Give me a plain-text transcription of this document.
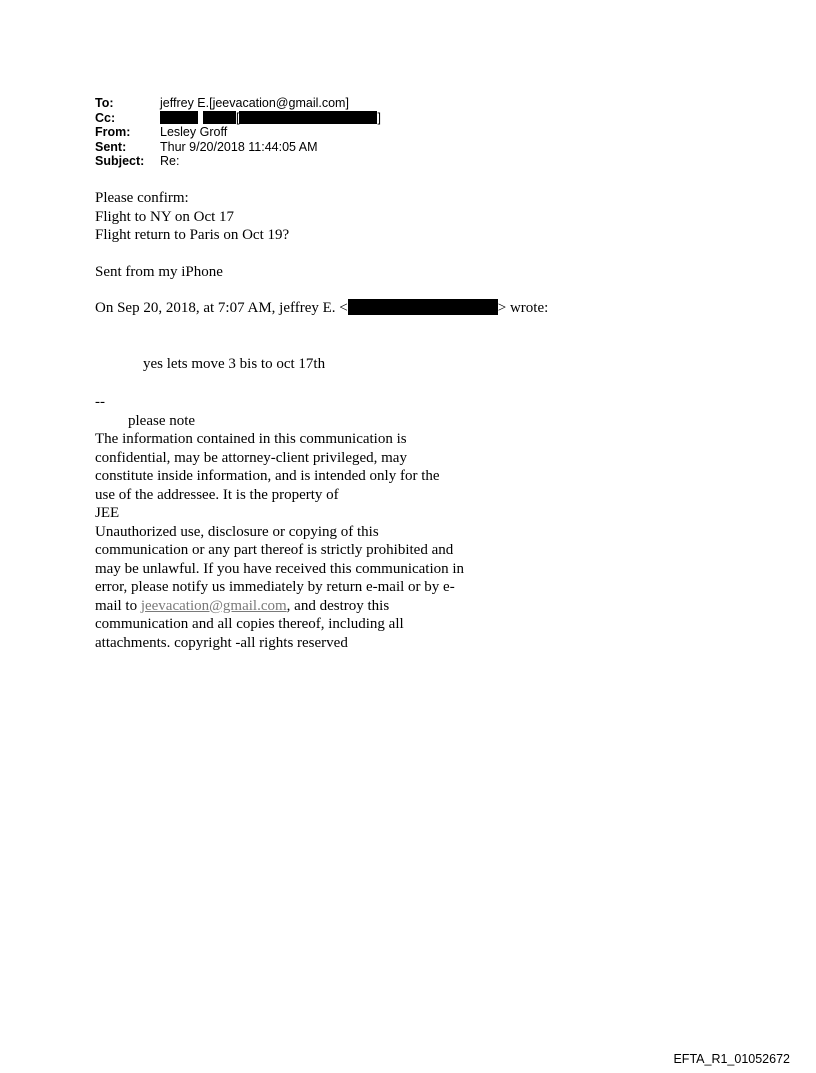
To:	jeffrey E.[jeevacation@gmail.com]
Cc:	[	]
From:	Lesley Groff
Sent:	Thur 9/20/2018 11:44:05 AM
Subject:	Re:

Please confirm:

Flight to NY on Oct 17

Flight return to Paris on Oct 19?

Sent from my iPhone

On Sep 20, 2018, at 7:07 AM, jeffrey E. <	> wrote:

yes lets move 3 bis to oct 17th

--

please note

The information contained in this communication is confidential, may be attorney-client privileged, may constitute inside information, and is intended only for the use of the addressee. It is the property of

JEE

Unauthorized use, disclosure or copying of this communication or any part thereof is strictly prohibited and may be unlawful. If you have received this communication in error, please notify us immediately by return e-mail or by e-mail to jeevacation@gmail.com, and destroy this communication and all copies thereof, including all attachments. copyright -all rights reserved

EFTA_R1_01052672
